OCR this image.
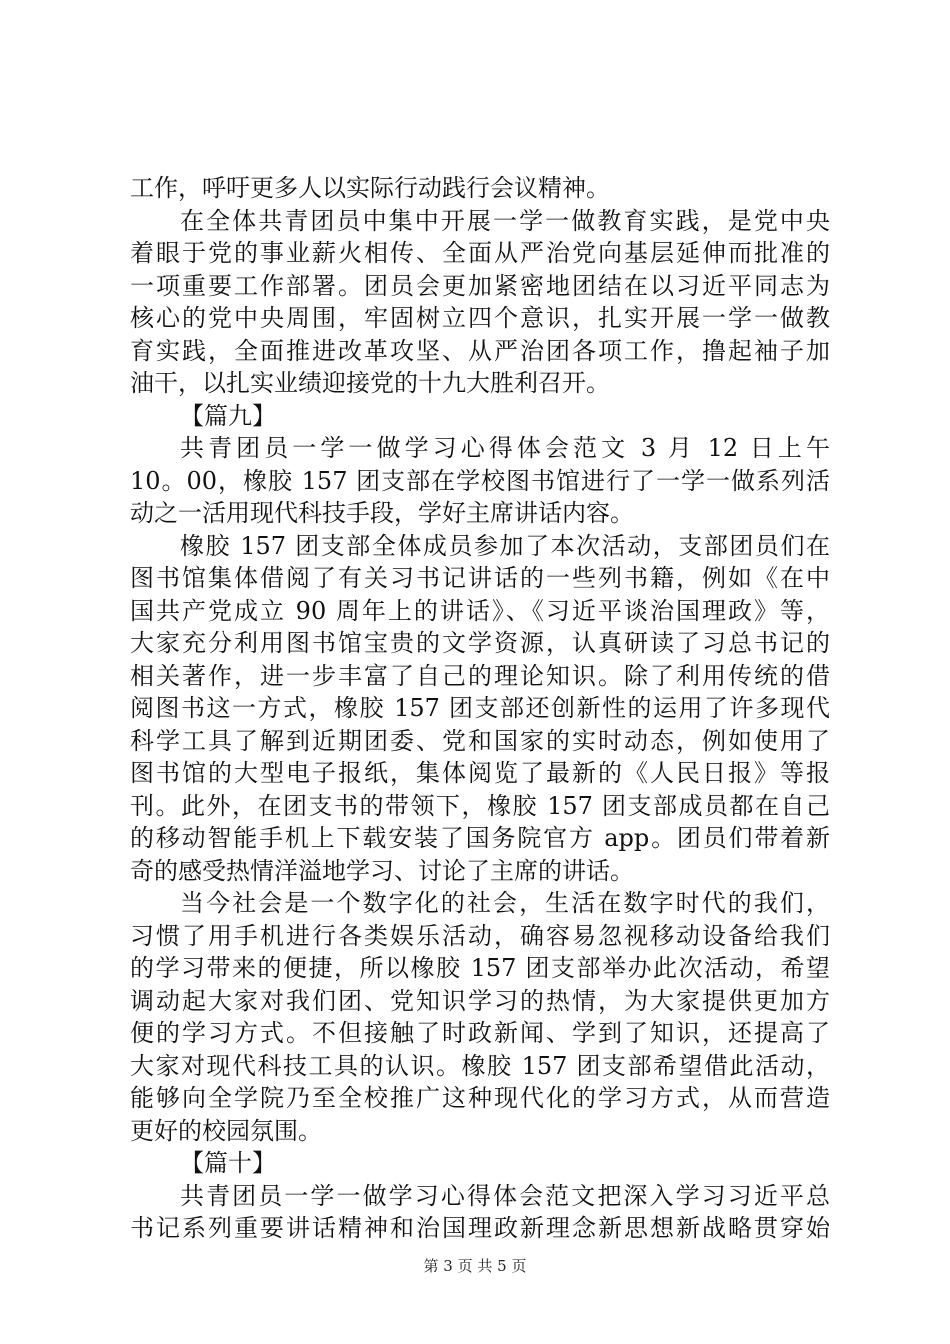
工作，呼吁更多人以实际行动践行会议精神。
在全体共青团员中集中开展一学一做教育实践，是党中央
着眼于党的事业薪火相传、全面从严治党向基层延伸而批准的
一项重要工作部署。团员会更加紧密地团结在以习近平同志为
核心的党中央周围，牢固树立四个意识，扎实开展一学一做教
育实践，全面推进改革攻坚、从严治团各项工作，撸起袖子加
油干，以扎实业绩迎接党的十九大胜利召开。
【篇九】
共青团员一学一做学习心得体会范文 3 月 12 日上午
10。00，橡胶 157 团支部在学校图书馆进行了一学一做系列活
动之一活用现代科技手段，学好主席讲话内容。
橡胶 157 团支部全体成员参加了本次活动，支部团员们在
图书馆集体借阅了有关习书记讲话的一些列书籍，例如《在中
国共产党成立 90 周年上的讲话》、《习近平谈治国理政》等，
大家充分利用图书馆宝贵的文学资源，认真研读了习总书记的
相关著作，进一步丰富了自己的理论知识。除了利用传统的借
阅图书这一方式，橡胶 157 团支部还创新性的运用了许多现代
科学工具了解到近期团委、党和国家的实时动态，例如使用了
图书馆的大型电子报纸，集体阅览了最新的《人民日报》等报
刊。此外，在团支书的带领下，橡胶 157 团支部成员都在自己
的移动智能手机上下载安装了国务院官方 app。团员们带着新
奇的感受热情洋溢地学习、讨论了主席的讲话。
当今社会是一个数字化的社会，生活在数字时代的我们，
习惯了用手机进行各类娱乐活动，确容易忽视移动设备给我们
的学习带来的便捷，所以橡胶 157 团支部举办此次活动，希望
调动起大家对我们团、党知识学习的热情，为大家提供更加方
便的学习方式。不但接触了时政新闻、学到了知识，还提高了
大家对现代科技工具的认识。橡胶 157 团支部希望借此活动，
能够向全学院乃至全校推广这种现代化的学习方式，从而营造
更好的校园氛围。
【篇十】
共青团员一学一做学习心得体会范文把深入学习习近平总
书记系列重要讲话精神和治国理政新理念新思想新战略贯穿始
第 3 页 共 5 页
